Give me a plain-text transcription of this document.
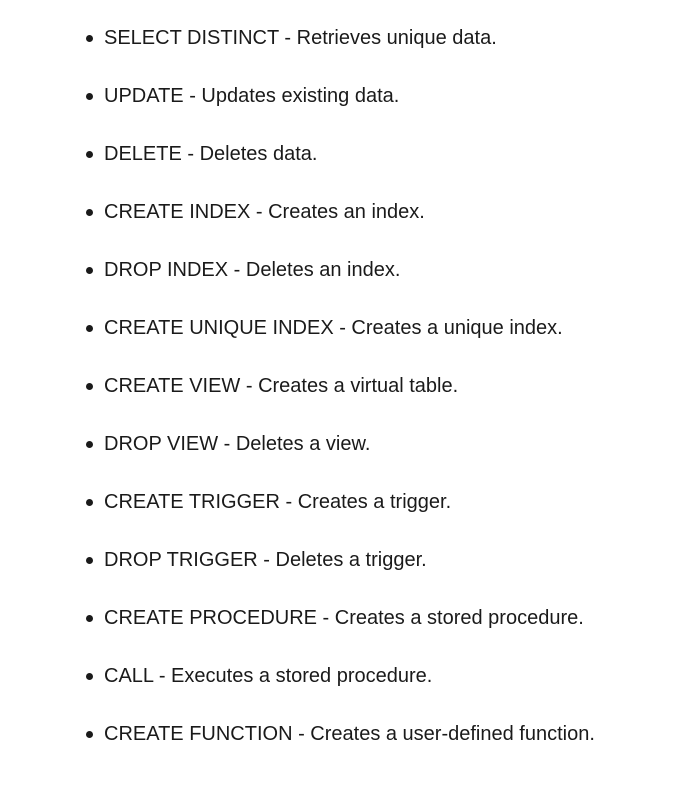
SELECT DISTINCT - Retrieves unique data.
UPDATE - Updates existing data.
DELETE - Deletes data.
CREATE INDEX - Creates an index.
DROP INDEX - Deletes an index.
CREATE UNIQUE INDEX - Creates a unique index.
CREATE VIEW - Creates a virtual table.
DROP VIEW - Deletes a view.
CREATE TRIGGER - Creates a trigger.
DROP TRIGGER - Deletes a trigger.
CREATE PROCEDURE - Creates a stored procedure.
CALL - Executes a stored procedure.
CREATE FUNCTION - Creates a user-defined function.
